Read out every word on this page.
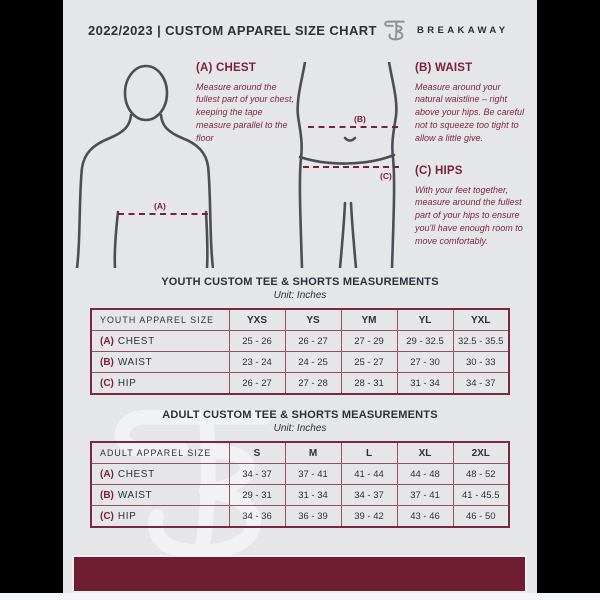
2022/2023 | CUSTOM APPAREL SIZE CHART	BREAKAWAY
(A)
(A) CHEST
Measure around the fullest part of your chest, keeping the tape measure parallel to the floor
(B)
(C)
(B) WAIST
Measure around your natural waistline – right above your hips. Be careful not to squeeze too tight to allow a little give.
(C) HIPS
With your feet together, measure around the fullest part of your hips to ensure you'll have enough room to move comfortably.
YOUTH CUSTOM TEE & SHORTS MEASUREMENTS
Unit: Inches
YOUTH APPAREL SIZE	YXS	YS	YM	YL	YXL
(A) CHEST	25 - 26	26 - 27	27 - 29	29 - 32.5	32.5 - 35.5
(B) WAIST	23 - 24	24 - 25	25 - 27	27 - 30	30 - 33
(C) HIP	26 - 27	27 - 28	28 - 31	31 - 34	34 - 37
ADULT CUSTOM TEE & SHORTS MEASUREMENTS
Unit: Inches
ADULT APPAREL SIZE	S	M	L	XL	2XL
(A) CHEST	34 - 37	37 - 41	41 - 44	44 - 48	48 - 52
(B) WAIST	29 - 31	31 - 34	34 - 37	37 - 41	41 - 45.5
(C) HIP	34 - 36	36 - 39	39 - 42	43 - 46	46 - 50
